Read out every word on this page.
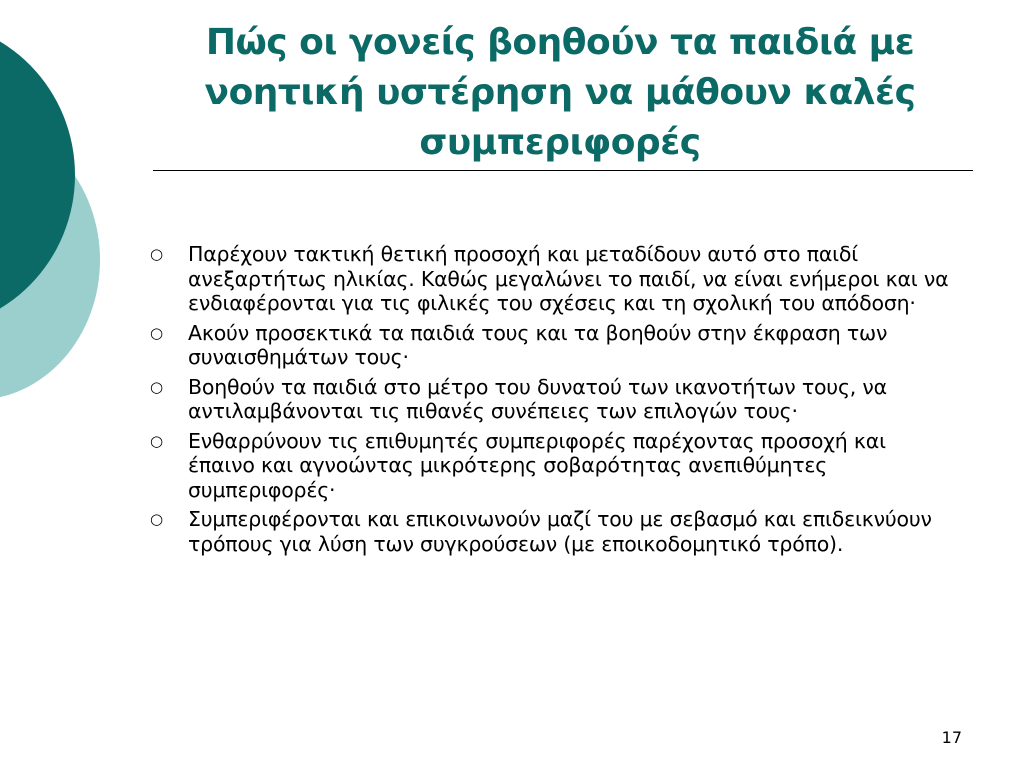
Πώς οι γονείς βοηθούν τα παιδιά με νοητική υστέρηση να μάθουν καλές συμπεριφορές
○	Παρέχουν τακτική θετική προσοχή και μεταδίδουν αυτό στο παιδί ανεξαρτήτως ηλικίας. Καθώς μεγαλώνει το παιδί, να είναι ενήμεροι και να ενδιαφέρονται για τις φιλικές του σχέσεις και τη σχολική του απόδοση·
○	Ακούν προσεκτικά τα παιδιά τους και τα βοηθούν στην έκφραση των συναισθημάτων τους·
○	Βοηθούν τα παιδιά στο μέτρο του δυνατού των ικανοτήτων τους, να αντιλαμβάνονται τις πιθανές συνέπειες των επιλογών τους·
○	Ενθαρρύνουν τις επιθυμητές συμπεριφορές παρέχοντας προσοχή και έπαινο και αγνοώντας μικρότερης σοβαρότητας ανεπιθύμητες συμπεριφορές·
○	Συμπεριφέρονται και επικοινωνούν μαζί του με σεβασμό και επιδεικνύουν τρόπους για λύση των συγκρούσεων (με εποικοδομητικό τρόπο).
17
